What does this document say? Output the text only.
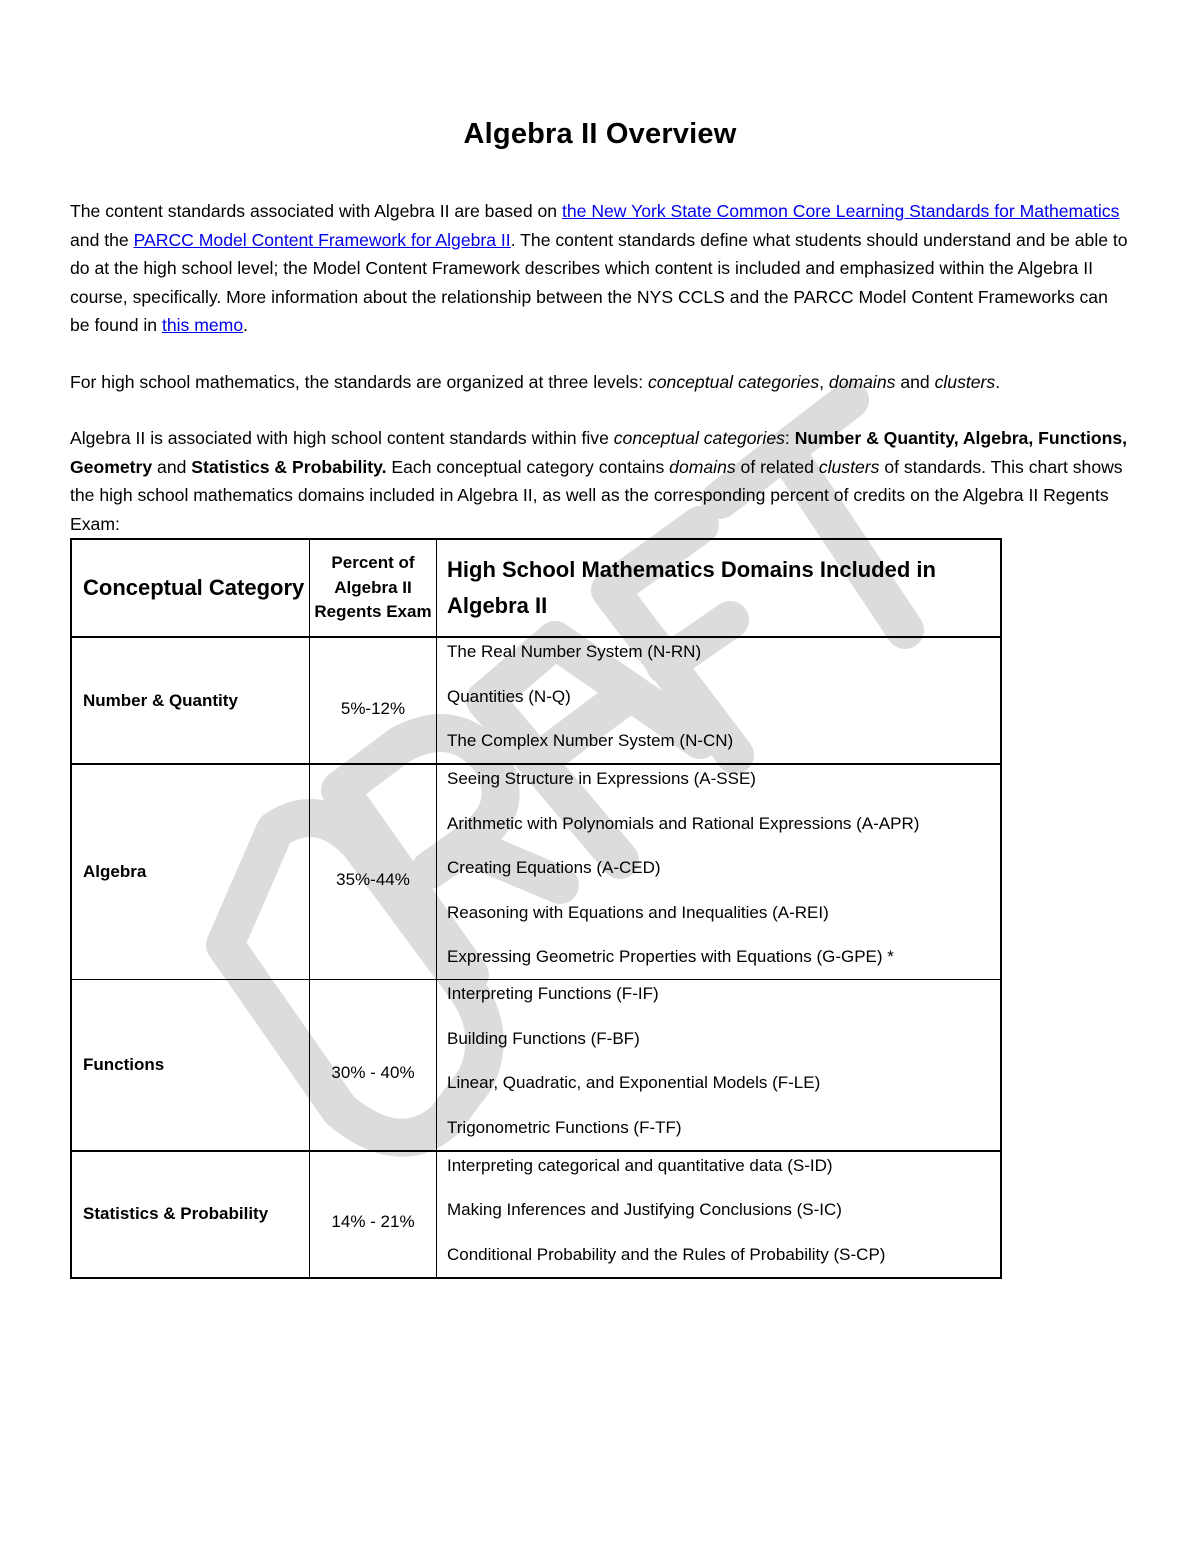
Algebra II Overview

The content standards associated with Algebra II are based on the New York State Common Core Learning Standards for Mathematics and the PARCC Model Content Framework for Algebra II. The content standards define what students should understand and be able to do at the high school level; the Model Content Framework describes which content is included and emphasized within the Algebra II course, specifically. More information about the relationship between the NYS CCLS and the PARCC Model Content Frameworks can be found in this memo.

For high school mathematics, the standards are organized at three levels: conceptual categories, domains and clusters.

Algebra II is associated with high school content standards within five conceptual categories: Number & Quantity, Algebra, Functions, Geometry and Statistics & Probability. Each conceptual category contains domains of related clusters of standards. This chart shows the high school mathematics domains included in Algebra II, as well as the corresponding percent of credits on the Algebra II Regents Exam:

Conceptual Category	Percent of Algebra II Regents Exam	High School Mathematics Domains Included in Algebra II
Number & Quantity	5%-12%	The Real Number System (N-RN)
Quantities (N-Q)
The Complex Number System (N-CN)

Algebra	35%-44%	Seeing Structure in Expressions (A-SSE)
Arithmetic with Polynomials and Rational Expressions (A-APR)
Creating Equations (A-CED)
Reasoning with Equations and Inequalities (A-REI)
Expressing Geometric Properties with Equations (G-GPE) *

Functions	30% - 40%	Interpreting Functions (F-IF)
Building Functions (F-BF)
Linear, Quadratic, and Exponential Models (F-LE)
Trigonometric Functions (F-TF)

Statistics & Probability	14% - 21%	Interpreting categorical and quantitative data (S-ID)
Making Inferences and Justifying Conclusions (S-IC)
Conditional Probability and the Rules of Probability (S-CP)
